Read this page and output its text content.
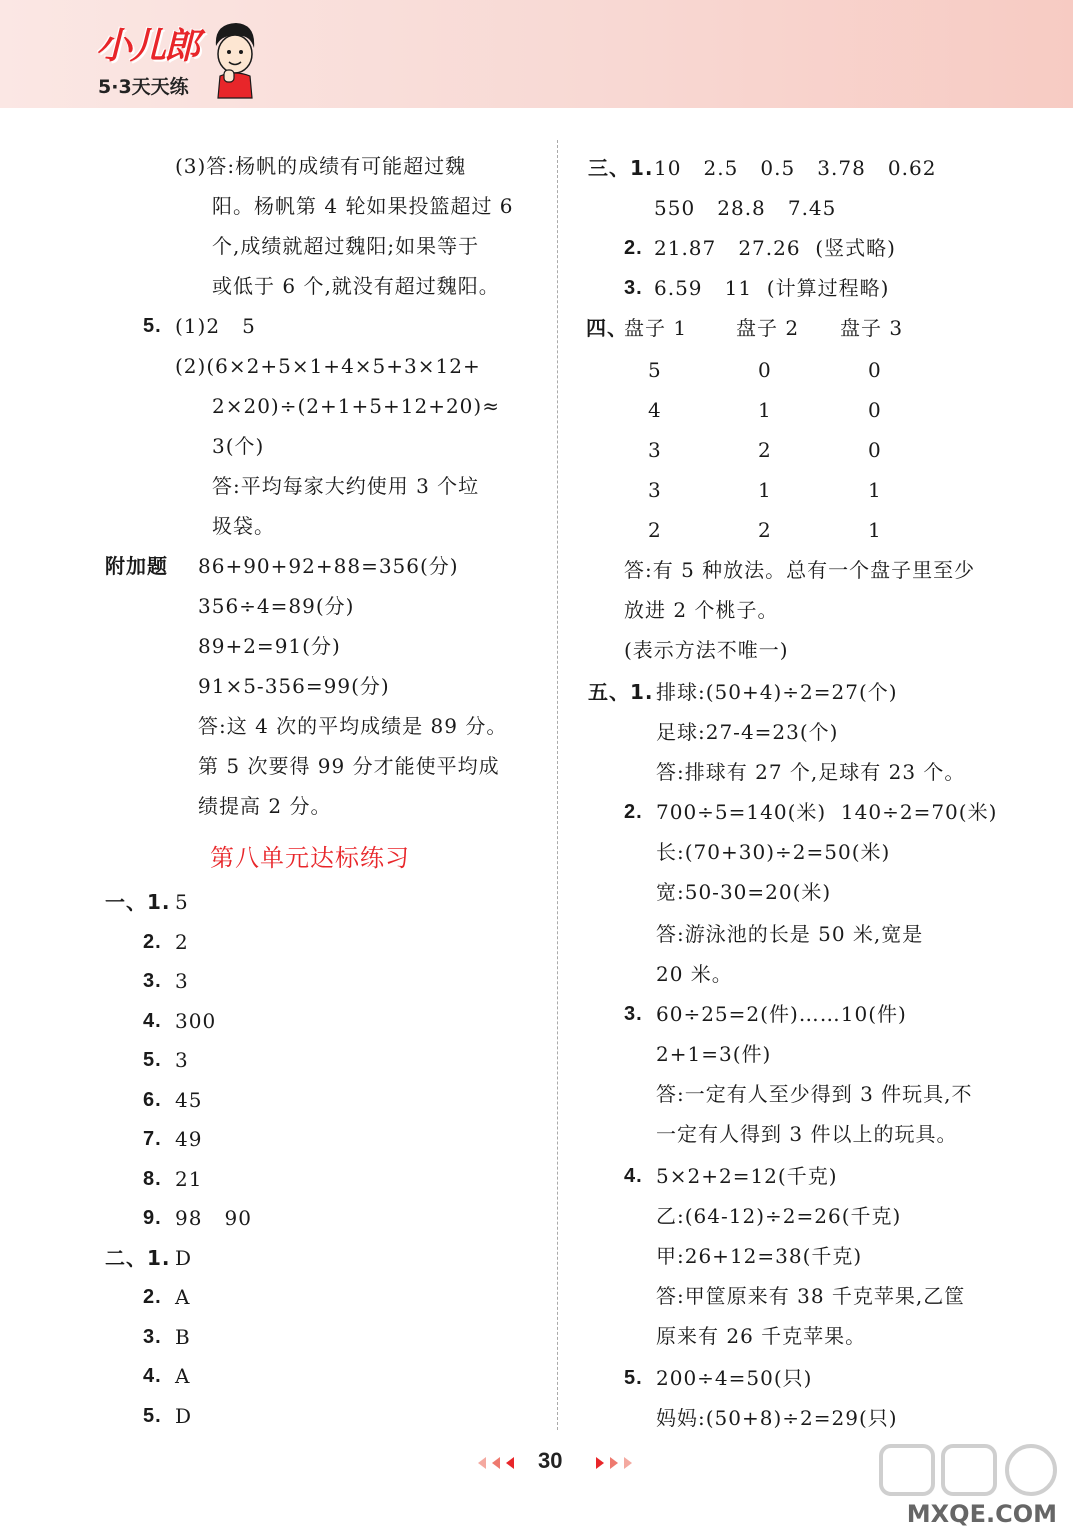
小儿郎
5·3天天练
(3)答:杨帆的成绩有可能超过魏
阳。杨帆第 4 轮如果投篮超过 6
个,成绩就超过魏阳;如果等于
或低于 6 个,就没有超过魏阳。
5. (1)2   5
(2)(6×2+5×1+4×5+3×12+
2×20)÷(2+1+5+12+20)≈
3(个)
答:平均每家大约使用 3 个垃
圾袋。
附加题 86+90+92+88=356(分)
356÷4=89(分)
89+2=91(分)
91×5-356=99(分)
答:这 4 次的平均成绩是 89 分。
第 5 次要得 99 分才能使平均成
绩提高 2 分。
第八单元达标练习
一、1. 5
2. 2
3. 3
4. 300
5. 3
6. 45
7. 49
8. 21
9. 98   90
二、1. D
2. A
3. B
4. A
5. D
三、1. 10   2.5   0.5   3.78   0.62
550   28.8   7.45
2. 21.87   27.26  (竖式略)
3. 6.59   11  (计算过程略)
四、
盘子 1 盘子 2 盘子 3
5	0	0
4	1	0
3	2	0
3	1	1
2	2	1
答:有 5 种放法。总有一个盘子里至少
放进 2 个桃子。
(表示方法不唯一)
五、1. 排球:(50+4)÷2=27(个)
足球:27-4=23(个)
答:排球有 27 个,足球有 23 个。
2. 700÷5=140(米)  140÷2=70(米)
长:(70+30)÷2=50(米)
宽:50-30=20(米)
答:游泳池的长是 50 米,宽是
20 米。
3. 60÷25=2(件)……10(件)
2+1=3(件)
答:一定有人至少得到 3 件玩具,不
一定有人得到 3 件以上的玩具。
4. 5×2+2=12(千克)
乙:(64-12)÷2=26(千克)
甲:26+12=38(千克)
答:甲筐原来有 38 千克苹果,乙筐
原来有 26 千克苹果。
5. 200÷4=50(只)
妈妈:(50+8)÷2=29(只)
30
MXQE.COM
